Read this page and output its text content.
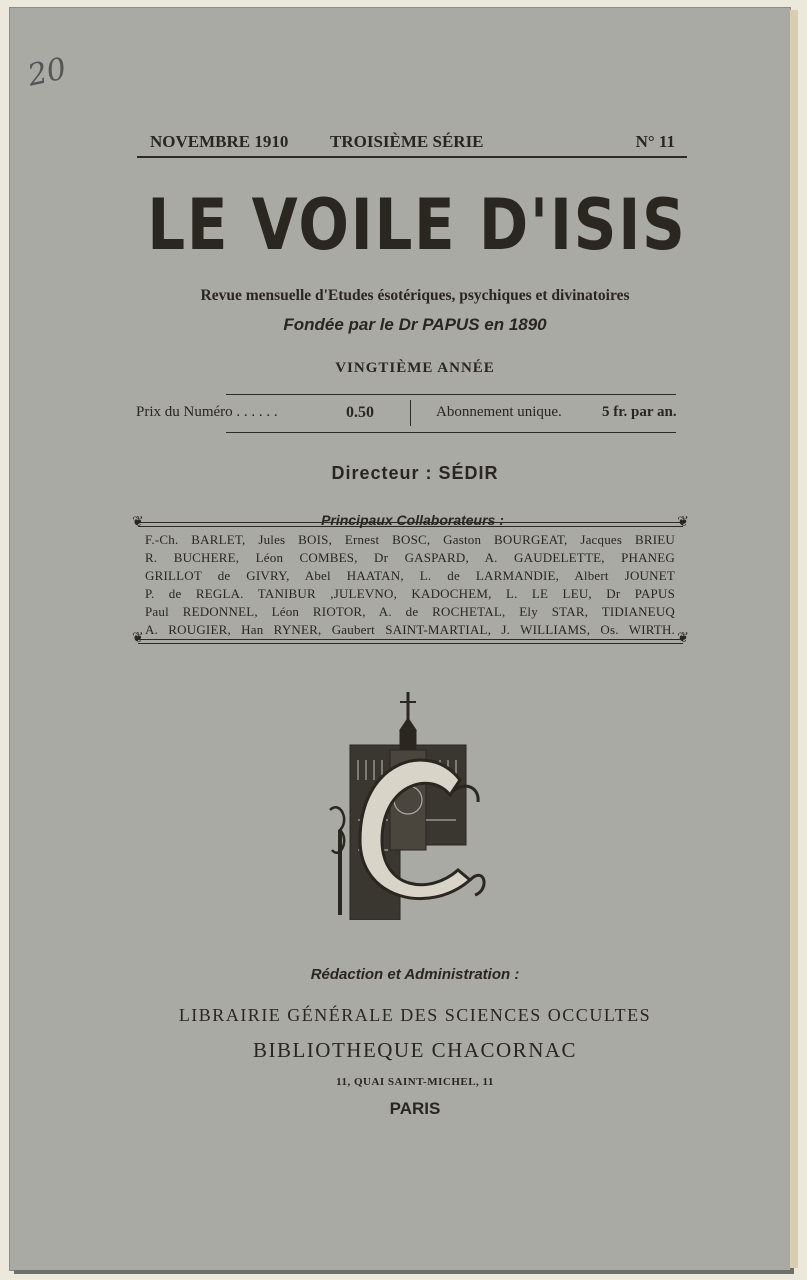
20
NOVEMBRE 1910 TROISIÈME SÉRIE	N° 11
LE VOILE D'ISIS
Revue mensuelle d'Etudes ésotériques, psychiques et divinatoires
Fondée par le Dr PAPUS en 1890
VINGTIÈME ANNÉE
Prix du Numéro . . . . . .	0.50	Abonnement unique.	5 fr. par an.
Directeur : SÉDIR
❦	❦
❦	❦
Principaux Collaborateurs :
F.-Ch. BARLET, Jules BOIS, Ernest BOSC, Gaston BOURGEAT, Jacques BRIEU
R. BUCHERE, Léon COMBES, Dr GASPARD, A. GAUDELETTE, PHANEG
GRILLOT de GIVRY, Abel HAATAN, L. de LARMANDIE, Albert JOUNET
P. de REGLA. TANIBUR ,JULEVNO, KADOCHEM, L. LE LEU, Dr PAPUS
Paul REDONNEL, Léon RIOTOR, A. de ROCHETAL, Ely STAR, TIDIANEUQ
A. ROUGIER, Han RYNER, Gaubert SAINT-MARTIAL, J. WILLIAMS, Os. WIRTH.
Rédaction et Administration :
LIBRAIRIE GÉNÉRALE DES SCIENCES OCCULTES
BIBLIOTHEQUE CHACORNAC
11, QUAI SAINT-MICHEL, 11
PARIS
